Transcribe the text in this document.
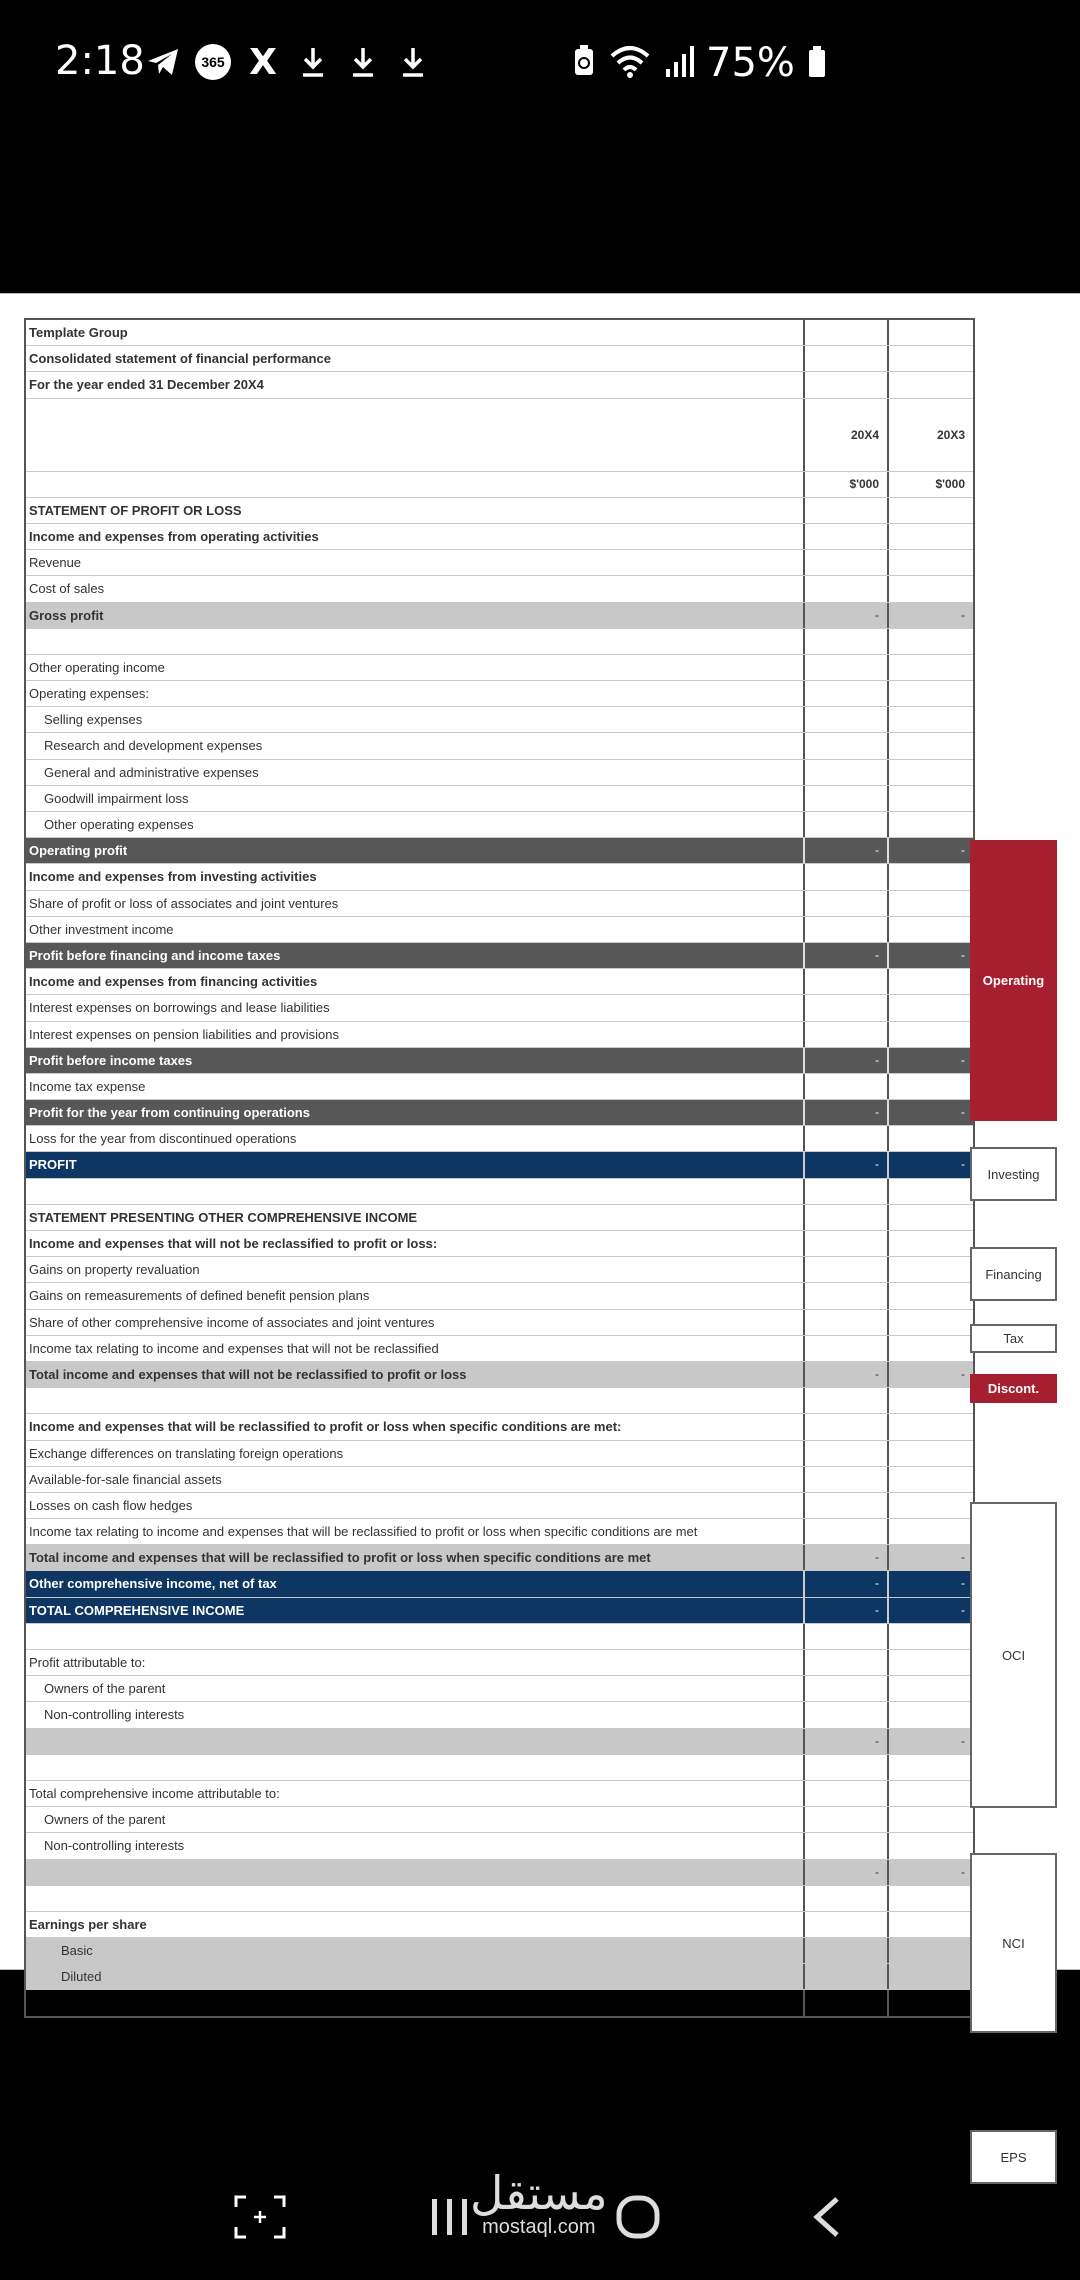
2:18	365 X	75%
Template Group
Consolidated statement of financial performance
For the year ended 31 December 20X4
20X4	20X3
$'000	$'000
STATEMENT OF PROFIT OR LOSS
Income and expenses from operating activities
Revenue
Cost of sales
Gross profit	-	-
Other operating income
Operating expenses:
Selling expenses
Research and development expenses
General and administrative expenses
Goodwill impairment loss
Other operating expenses
Operating profit	-	-
Income and expenses from investing activities
Share of profit or loss of associates and joint ventures
Other investment income
Profit before financing and income taxes	-	-
Income and expenses from financing activities
Interest expenses on borrowings and lease liabilities
Interest expenses on pension liabilities and provisions
Profit before income taxes	-	-
Income tax expense
Profit for the year from continuing operations	-	-
Loss for the year from discontinued operations
PROFIT	-	-
STATEMENT PRESENTING OTHER COMPREHENSIVE INCOME
Income and expenses that will not be reclassified to profit or loss:
Gains on property revaluation
Gains on remeasurements of defined benefit pension plans
Share of other comprehensive income of associates and joint ventures
Income tax relating to income and expenses that will not be reclassified
Total income and expenses that will not be reclassified to profit or loss	-	-
Income and expenses that will be reclassified to profit or loss when specific conditions are met:
Exchange differences on translating foreign operations
Available-for-sale financial assets
Losses on cash flow hedges
Income tax relating to income and expenses that will be reclassified to profit or loss when specific conditions are met
Total income and expenses that will be reclassified to profit or loss when specific conditions are met	-	-
Other comprehensive income, net of tax	-	-
TOTAL COMPREHENSIVE INCOME	-	-
Profit attributable to:
Owners of the parent
Non-controlling interests
-	-
Total comprehensive income attributable to:
Owners of the parent
Non-controlling interests
-	-
Earnings per share
Basic
Diluted
Operating
Investing
Financing
Tax
Discont.
OCI
NCI
EPS
مستقل
mostaql.com
